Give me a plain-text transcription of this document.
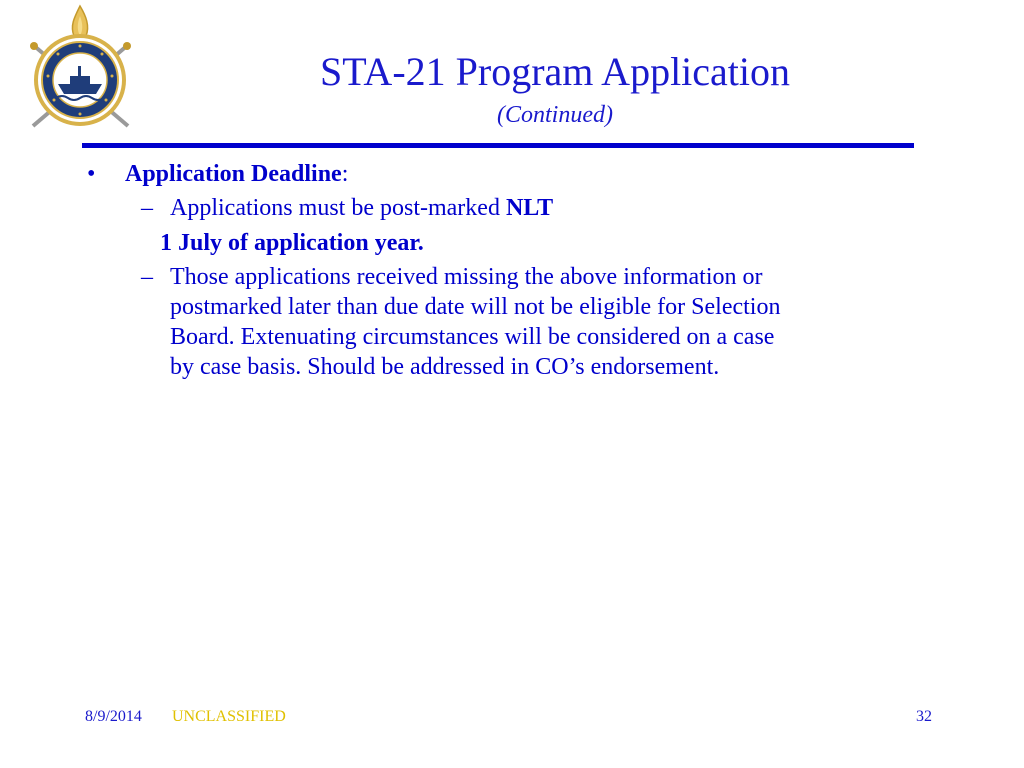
STA-21 Program Application
(Continued)
• Application Deadline:
– Applications must be post-marked NLT
1 July of application year.
– Those applications received missing the above information or
postmarked later than due date will not be eligible for Selection
Board. Extenuating circumstances will be considered on a case
by case basis. Should be addressed in CO’s endorsement.
8/9/2014 UNCLASSIFIED	32
